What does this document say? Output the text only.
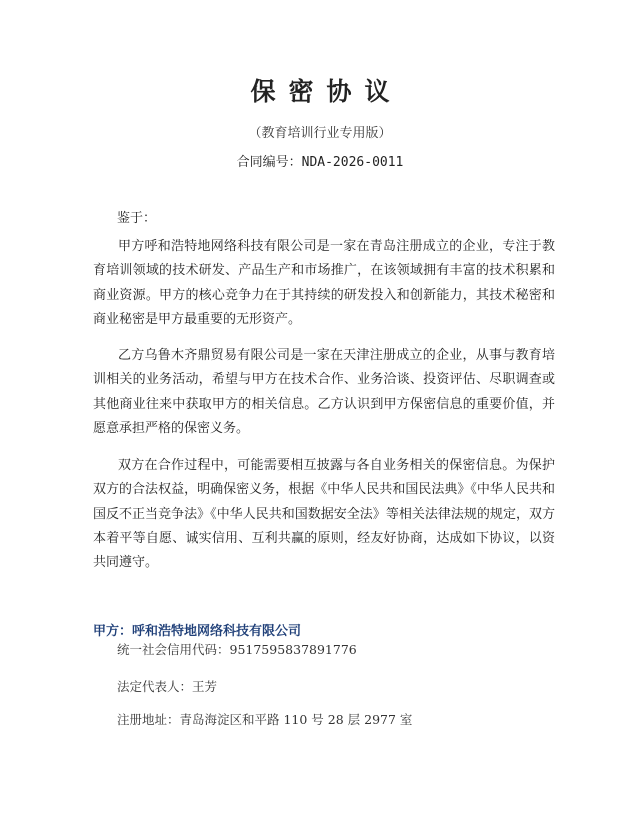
保密协议
（教育培训行业专用版）
合同编号：NDA-2026-0011
鉴于：
甲方呼和浩特地网络科技有限公司是一家在青岛注册成立的企业，专注于教育培训领域的技术研发、产品生产和市场推广，在该领域拥有丰富的技术积累和商业资源。甲方的核心竞争力在于其持续的研发投入和创新能力，其技术秘密和商业秘密是甲方最重要的无形资产。
乙方乌鲁木齐鼎贸易有限公司是一家在天津注册成立的企业，从事与教育培训相关的业务活动，希望与甲方在技术合作、业务洽谈、投资评估、尽职调查或其他商业往来中获取甲方的相关信息。乙方认识到甲方保密信息的重要价值，并愿意承担严格的保密义务。
双方在合作过程中，可能需要相互披露与各自业务相关的保密信息。为保护双方的合法权益，明确保密义务，根据《中华人民共和国民法典》《中华人民共和国反不正当竞争法》《中华人民共和国数据安全法》等相关法律法规的规定，双方本着平等自愿、诚实信用、互利共赢的原则，经友好协商，达成如下协议，以资共同遵守。
甲方：呼和浩特地网络科技有限公司
统一社会信用代码：9517595837891776
法定代表人：王芳
注册地址：青岛海淀区和平路 110 号 28 层 2977 室
